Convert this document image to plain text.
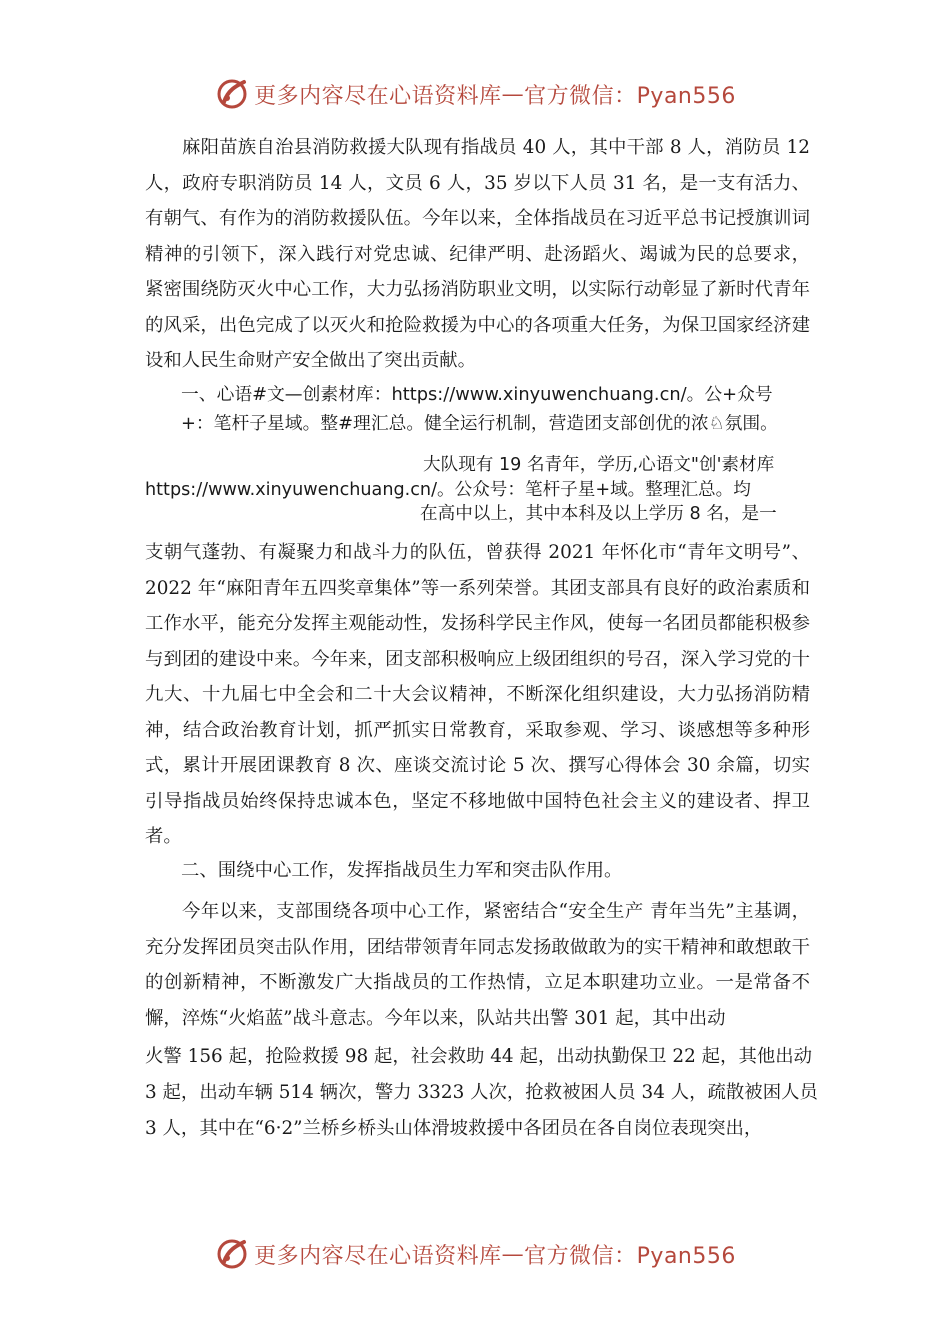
更多内容尽在心语资料库 — 官方微信：Pyan556

麻阳苗族自治县消防救援大队现有指战员 40 人，其中干部 8 人，消防员 12 人，政府专职消防员 14 人，文员 6 人，35 岁以下人员 31 名，是一支有活力、有朝气、有作为的消防救援队伍。今年以来，全体指战员在习近平总书记授旗训词精神的引领下，深入践行对党忠诚、纪律严明、赴汤蹈火、竭诚为民的总要求， 紧密围绕防灭火中心工作，大力弘扬消防职业文明，以实际行动彰显了新时代青年的风采，出色完成了以灭火和抢险救援为中心的各项重大任务，为保卫国家经济建设和人民生命财产安全做出了突出贡献。

一、心语#文—创素材库：https://www.xinyuwenchuang.cn/。公+众号

+：笔杆子星域。整#理汇总。健全运行机制，营造团支部创优的浓♘氛围。

大队现有 19 名青年，学历,心语文"创'素材库

https://www.xinyuwenchuang.cn/。公众号：笔杆子星+域。整理汇总。均

在高中以上，其中本科及以上学历 8 名，是一

支朝气蓬勃、有凝聚力和战斗力的队伍，曾获得 2021 年怀化市“青年文明号”、2022 年“麻阳青年五四奖章集体”等一系列荣誉。其团支部具有良好的政治素质和工作水平，能充分发挥主观能动性，发扬科学民主作风，使每一名团员都能积极参与到团的建设中来。今年来，团支部积极响应上级团组织的号召，深入学习党的十九大、十九届七中全会和二十大会议精神，不断深化组织建设，大力弘扬消防精神，结合政治教育计划，抓严抓实日常教育，采取参观、学习、谈感想等多种形式，累计开展团课教育 8 次、座谈交流讨论 5 次、撰写心得体会 30 余篇，切实引导指战员始终保持忠诚本色，坚定不移地做中国特色社会主义的建设者、捍卫者。

二、围绕中心工作，发挥指战员生力军和突击队作用。

今年以来，支部围绕各项中心工作，紧密结合“安全生产 青年当先”主基调，充分发挥团员突击队作用，团结带领青年同志发扬敢做敢为的实干精神和敢想敢干的创新精神，不断激发广大指战员的工作热情，立足本职建功立业。一是常备不懈，淬炼“火焰蓝”战斗意志。今年以来，队站共出警 301 起，其中出动

火警 156 起，抢险救援 98 起，社会救助 44 起，出动执勤保卫 22 起，其他出动

3 起，出动车辆 514 辆次，警力 3323 人次，抢救被困人员 34 人，疏散被困人员

3 人，其中在“6·2”兰桥乡桥头山体滑坡救援中各团员在各自岗位表现突出，

更多内容尽在心语资料库 — 官方微信：Pyan556
